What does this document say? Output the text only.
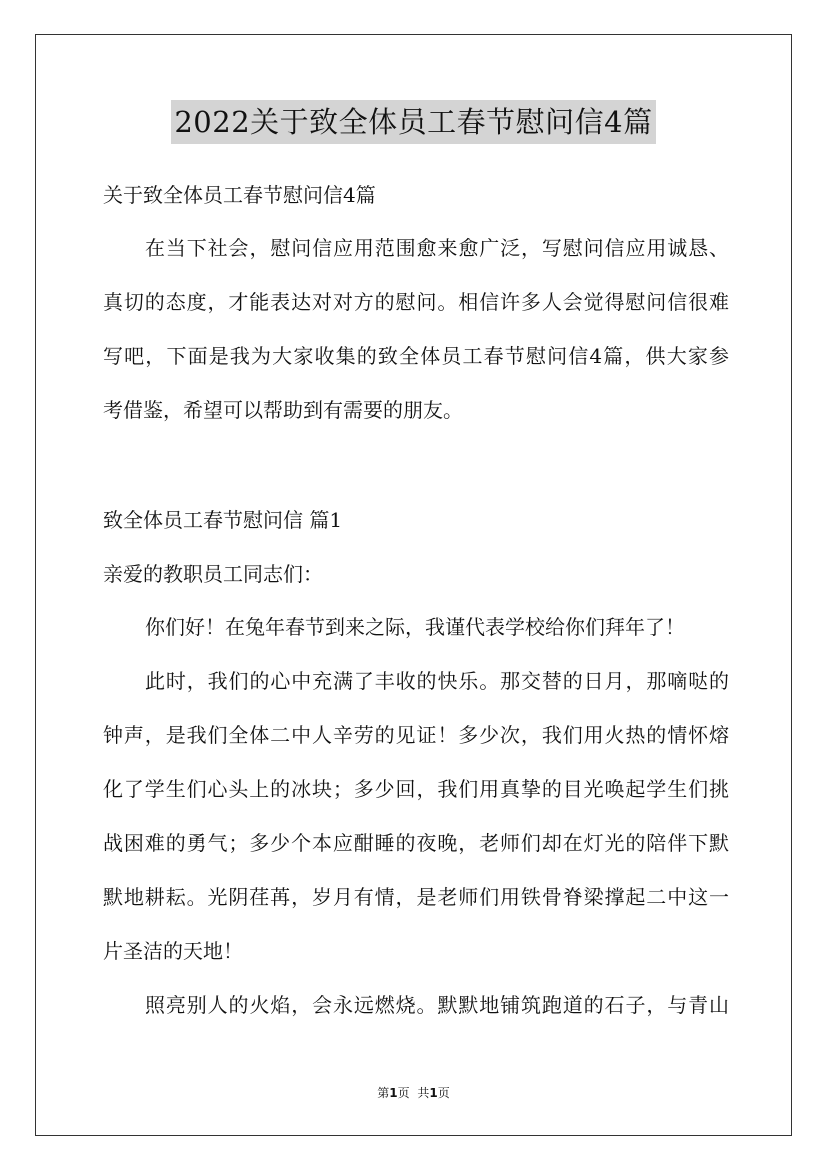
2022关于致全体员工春节慰问信4篇
关于致全体员工春节慰问信4篇
在当下社会，慰问信应用范围愈来愈广泛，写慰问信应用诚恳、
真切的态度，才能表达对对方的慰问。相信许多人会觉得慰问信很难
写吧，下面是我为大家收集的致全体员工春节慰问信4篇，供大家参
考借鉴，希望可以帮助到有需要的朋友。
致全体员工春节慰问信 篇1
亲爱的教职员工同志们：
你们好！在兔年春节到来之际，我谨代表学校给你们拜年了！
此时，我们的心中充满了丰收的快乐。那交替的日月，那嘀哒的
钟声，是我们全体二中人辛劳的见证！多少次，我们用火热的情怀熔
化了学生们心头上的冰块；多少回，我们用真挚的目光唤起学生们挑
战困难的勇气；多少个本应酣睡的夜晚，老师们却在灯光的陪伴下默
默地耕耘。光阴荏苒，岁月有情，是老师们用铁骨脊梁撑起二中这一
片圣洁的天地！
照亮别人的火焰，会永远燃烧。默默地铺筑跑道的石子，与青山
第1页 共1页
